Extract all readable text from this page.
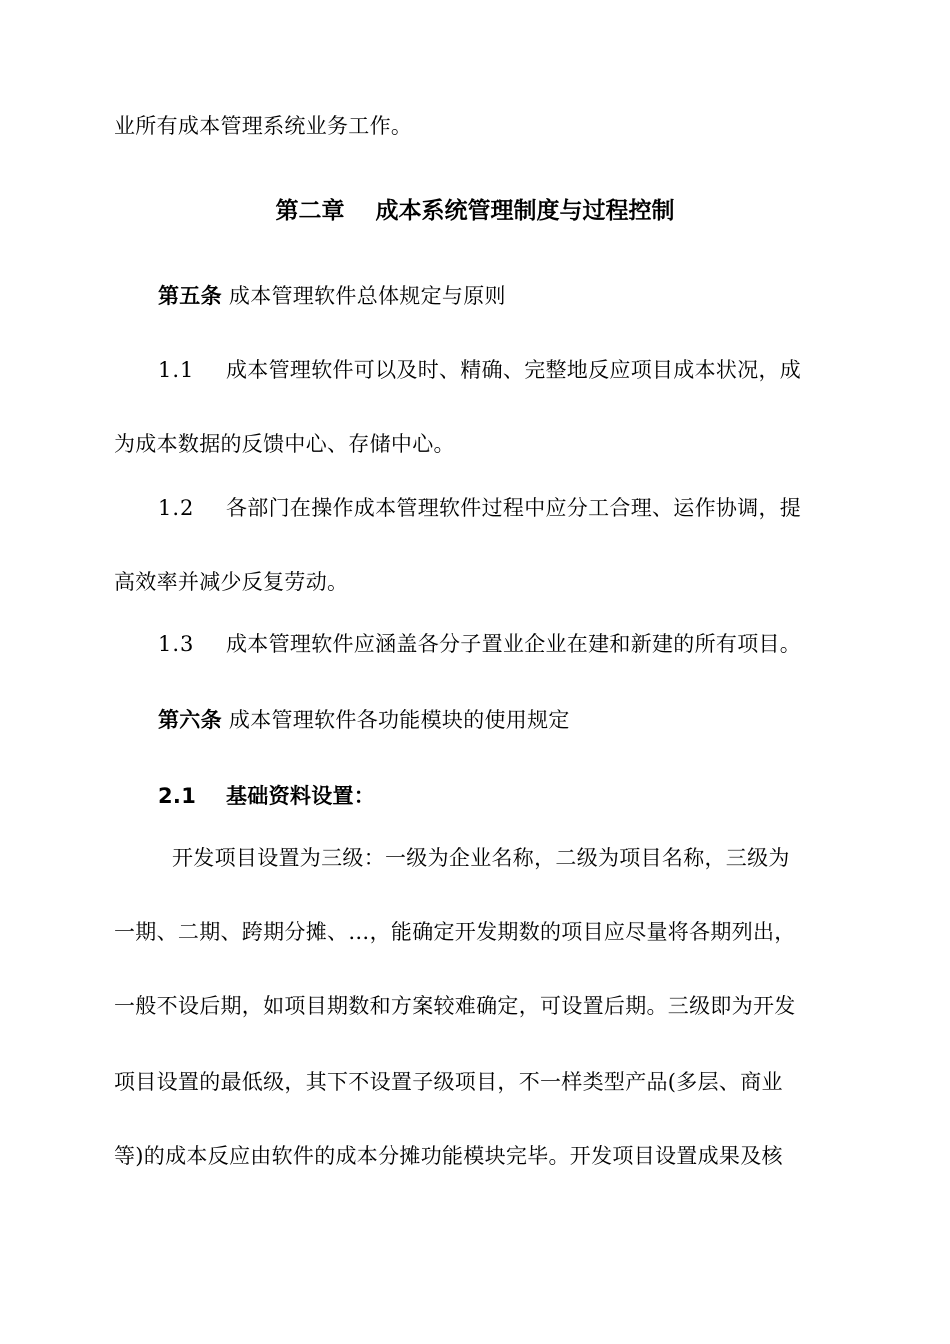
业所有成本管理系统业务工作。
第二章　 成本系统管理制度与过程控制
第五条 成本管理软件总体规定与原则
1.1 成本管理软件可以及时、精确、完整地反应项目成本状况，成
为成本数据的反馈中心、存储中心。
1.2 各部门在操作成本管理软件过程中应分工合理、运作协调，提
高效率并减少反复劳动。
1.3 成本管理软件应涵盖各分子置业企业在建和新建的所有项目。
第六条 成本管理软件各功能模块的使用规定
2.1 基础资料设置：
开发项目设置为三级：一级为企业名称，二级为项目名称，三级为
一期、二期、跨期分摊、…，能确定开发期数的项目应尽量将各期列出，
一般不设后期，如项目期数和方案较难确定，可设置后期。三级即为开发
项目设置的最低级，其下不设置子级项目，不一样类型产品(多层、商业
等)的成本反应由软件的成本分摊功能模块完毕。开发项目设置成果及核
